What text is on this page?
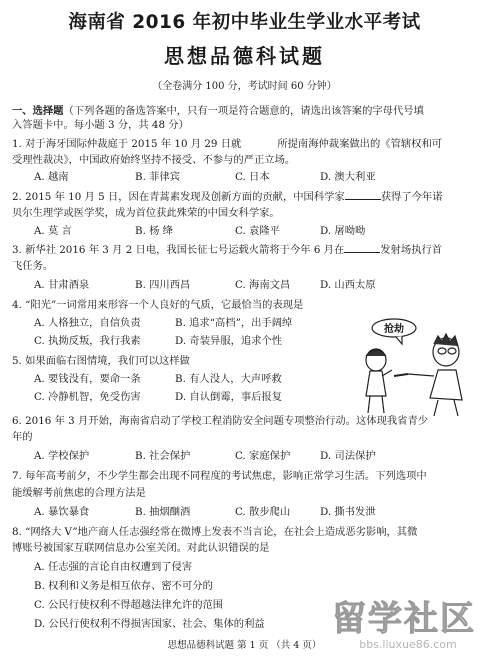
海南省 2016 年初中毕业生学业水平考试
思想品德科试题
（全卷满分 100 分，考试时间 60 分钟）
一、选择题（下列各题的备选答案中，只有一项是符合题意的，请选出该答案的字母代号填
入答题卡中。每小题 3 分，共 48 分）
1. 对于海牙国际仲裁庭于 2015 年 10 月 29 日就	所提南海仲裁案做出的《管辖权和可
受理性裁决》，中国政府始终坚持不接受、不参与的严正立场。
A. 越南	B. 菲律宾	C. 日本	D. 澳大利亚
2. 2015 年 10 月 5 日，因在青蒿素发现及创新方面的贡献，中国科学家	获得了今年诺
贝尔生理学或医学奖，成为首位获此殊荣的中国女科学家。
A. 莫 言	B. 杨 绛	C. 袁隆平	D. 屠呦呦
3. 新华社 2016 年 3 月 2 日电，我国长征七号运载火箭将于今年 6 月在	发射场执行首
飞任务。
A. 甘肃酒泉	B. 四川西昌	C. 海南文昌	D. 山西太原
4. “阳光”一词常用来形容一个人良好的气质，它最恰当的表现是
A. 人格独立，自信负责	B. 追求“高档”，出手阔绰
C. 执拗反叛，我行我素	D. 奇装异服，追求个性
5. 如果面临右图情境，我们可以这样做
A. 要钱没有，要命一条	B. 有人没人，大声呼救
C. 冷静机智，免受伤害	D. 自认倒霉，事后报复
抢劫
6. 2016 年 3 月开始，海南省启动了学校工程消防安全问题专项整治行动。这体现我省青少
年的
A. 学校保护	B. 社会保护	C. 家庭保护	D. 司法保护
7. 每年高考前夕，不少学生都会出现不同程度的考试焦虑，影响正常学习生活。下列选项中
能缓解考前焦虑的合理方法是
A. 暴饮暴食	B. 抽烟酗酒	C. 散步爬山	D. 撕书发泄
8. “网络大 V”地产商人任志强经常在微博上发表不当言论，在社会上造成恶劣影响，其微
博账号被国家互联网信息办公室关闭。对此认识错误的是
A. 任志强的言论自由权遭到了侵害
B. 权利和义务是相互依存、密不可分的
C. 公民行使权利不得超越法律允许的范围
D. 公民行使权利不得损害国家、社会、集体的利益
思想品德科试题 第 1 页 （共 4 页）
留学社区
bbs.liuxue86.com
